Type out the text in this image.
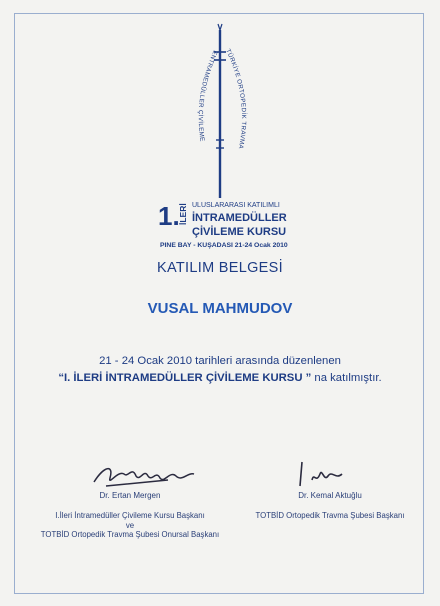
ENTRAMEDÜLLER ÇİVİLEME
TÜRKİYE ORTOPEDİK TRAVMA
1.
İLERİ ULUSLARARASI KATILIMLI
İNTRAMEDÜLLER
ÇİVİLEME KURSU
PINE BAY - KUŞADASI 21-24 Ocak 2010
KATILIM BELGESİ
VUSAL MAHMUDOV
21 - 24 Ocak 2010 tarihleri arasında düzenlenen
“I. İLERİ İNTRAMEDÜLLER ÇİVİLEME KURSU ” na katılmıştır.
Dr. Ertan Mergen
I.İleri İntramedüller Çivileme Kursu Başkanı
ve
TOTBİD Ortopedik Travma Şubesi Onursal Başkanı
Dr. Kemal Aktuğlu
TOTBİD Ortopedik Travma Şubesi Başkanı
